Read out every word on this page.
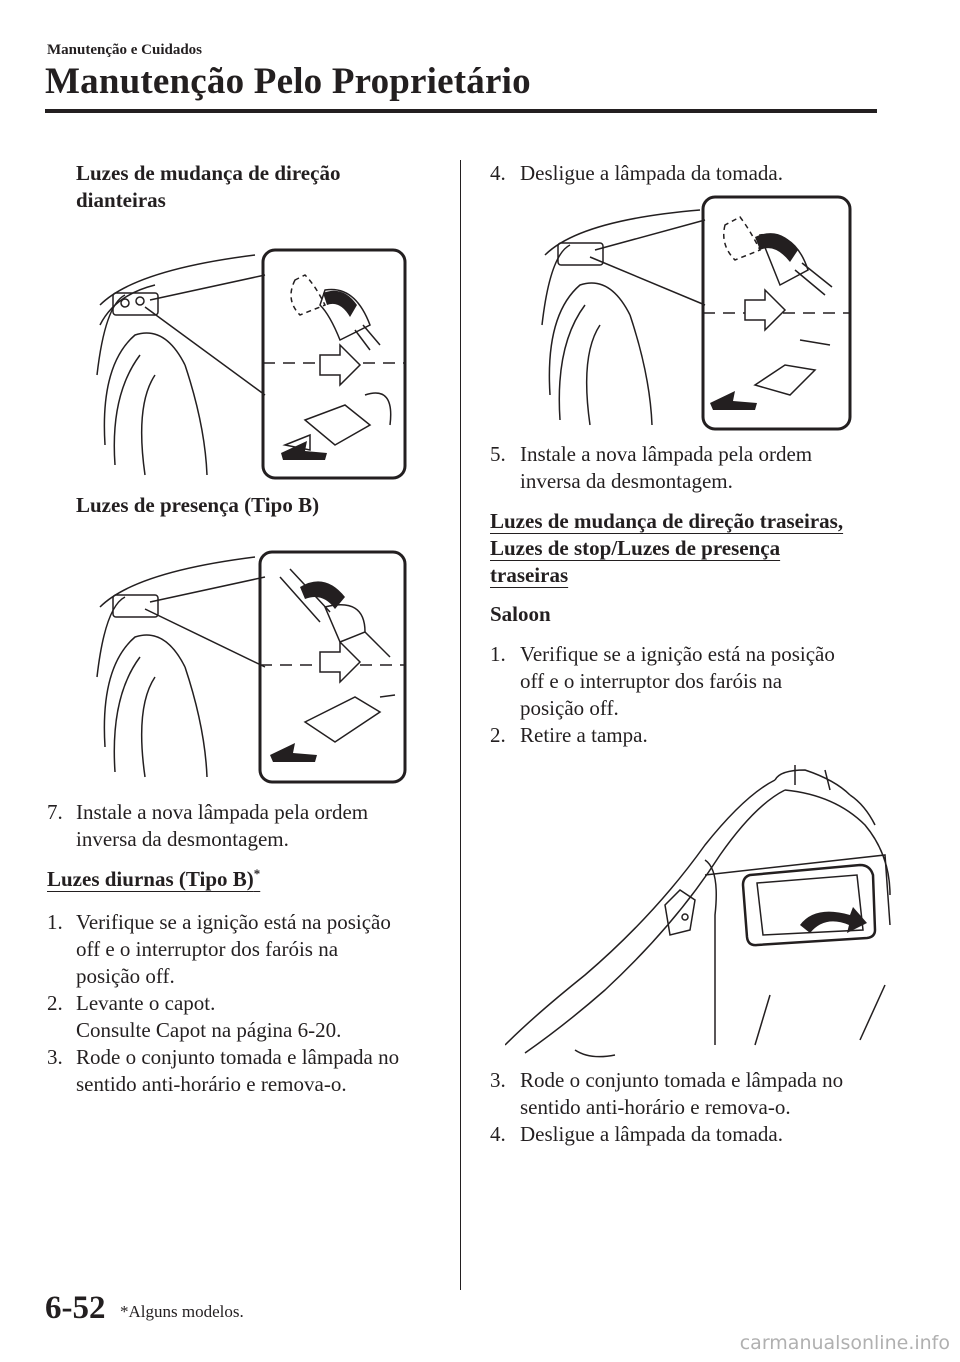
Manutenção e Cuidados
Manutenção Pelo Proprietário
Luzes de mudança de direção
dianteiras
Luzes de presença (Tipo B)
7. Instale a nova lâmpada pela ordem
inversa da desmontagem.
Luzes diurnas (Tipo B)*
1. Verifique se a ignição está na posição
off e o interruptor dos faróis na
posição off.
2. Levante o capot.
Consulte Capot na página 6-20.
3. Rode o conjunto tomada e lâmpada no
sentido anti-horário e remova-o.
4. Desligue a lâmpada da tomada.
5. Instale a nova lâmpada pela ordem
inversa da desmontagem.
Luzes de mudança de direção traseiras,
Luzes de stop/Luzes de presença
traseiras
Saloon
1. Verifique se a ignição está na posição
off e o interruptor dos faróis na
posição off.
2. Retire a tampa.
3. Rode o conjunto tomada e lâmpada no
sentido anti-horário e remova-o.
4. Desligue a lâmpada da tomada.
6-52 *Alguns modelos.
carmanualsonline.info
